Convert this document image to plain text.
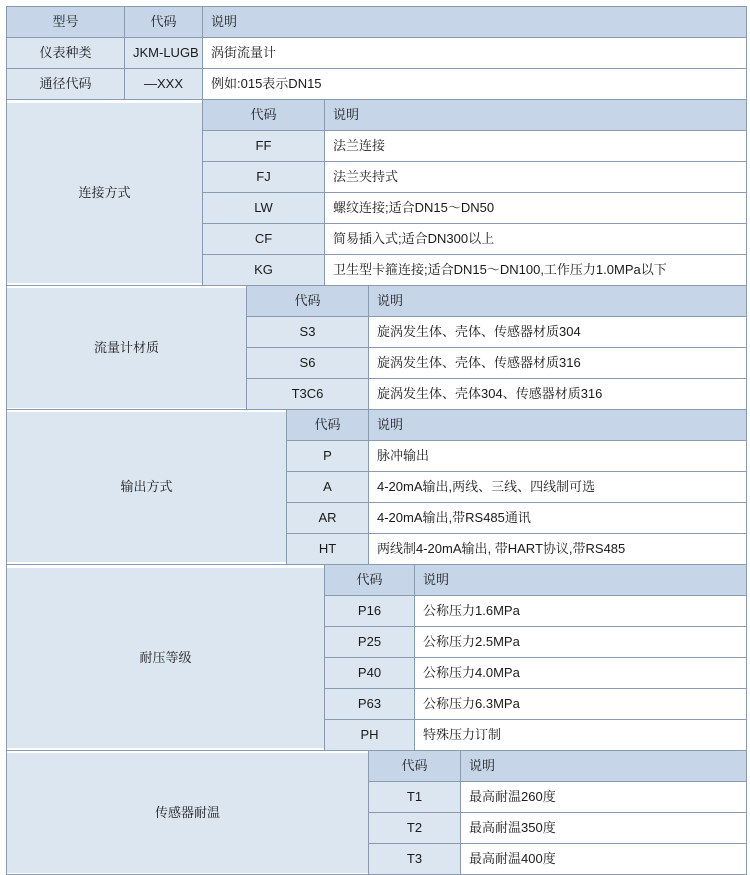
型号	代码	说明						
仪表种类	JKM-LUGB	涡街流量计						
通径代码	—XXX	例如:015表示DN15						

连接方式		代码			说明			
		FF			法兰连接			
		FJ			法兰夹持式			
		LW			螺纹连接;适合DN15～DN50			
		CF			简易插入式;适合DN300以上			
		KG			卫生型卡箍连接;适合DN15～DN100,工作压力1.0MPa以下			

流量计材质			代码			说明		
			S3			旋涡发生体、壳体、传感器材质304		
			S6			旋涡发生体、壳体、传感器材质316		
			T3C6			旋涡发生体、壳体304、传感器材质316		

输出方式				代码		说明		
				P		脉冲输出		
				A		4-20mA输出,两线、三线、四线制可选		
				AR		4-20mA输出,带RS485通讯		
				HT		两线制4-20mA输出, 带HART协议,带RS485		

耐压等级					代码		说明	
					P16		公称压力1.6MPa	
					P25		公称压力2.5MPa	
					P40		公称压力4.0MPa	
					P63		公称压力6.3MPa	
					PH		特殊压力订制	

传感器耐温						代码		说明
						T1		最高耐温260度
						T2		最高耐温350度
						T3		最高耐温400度
